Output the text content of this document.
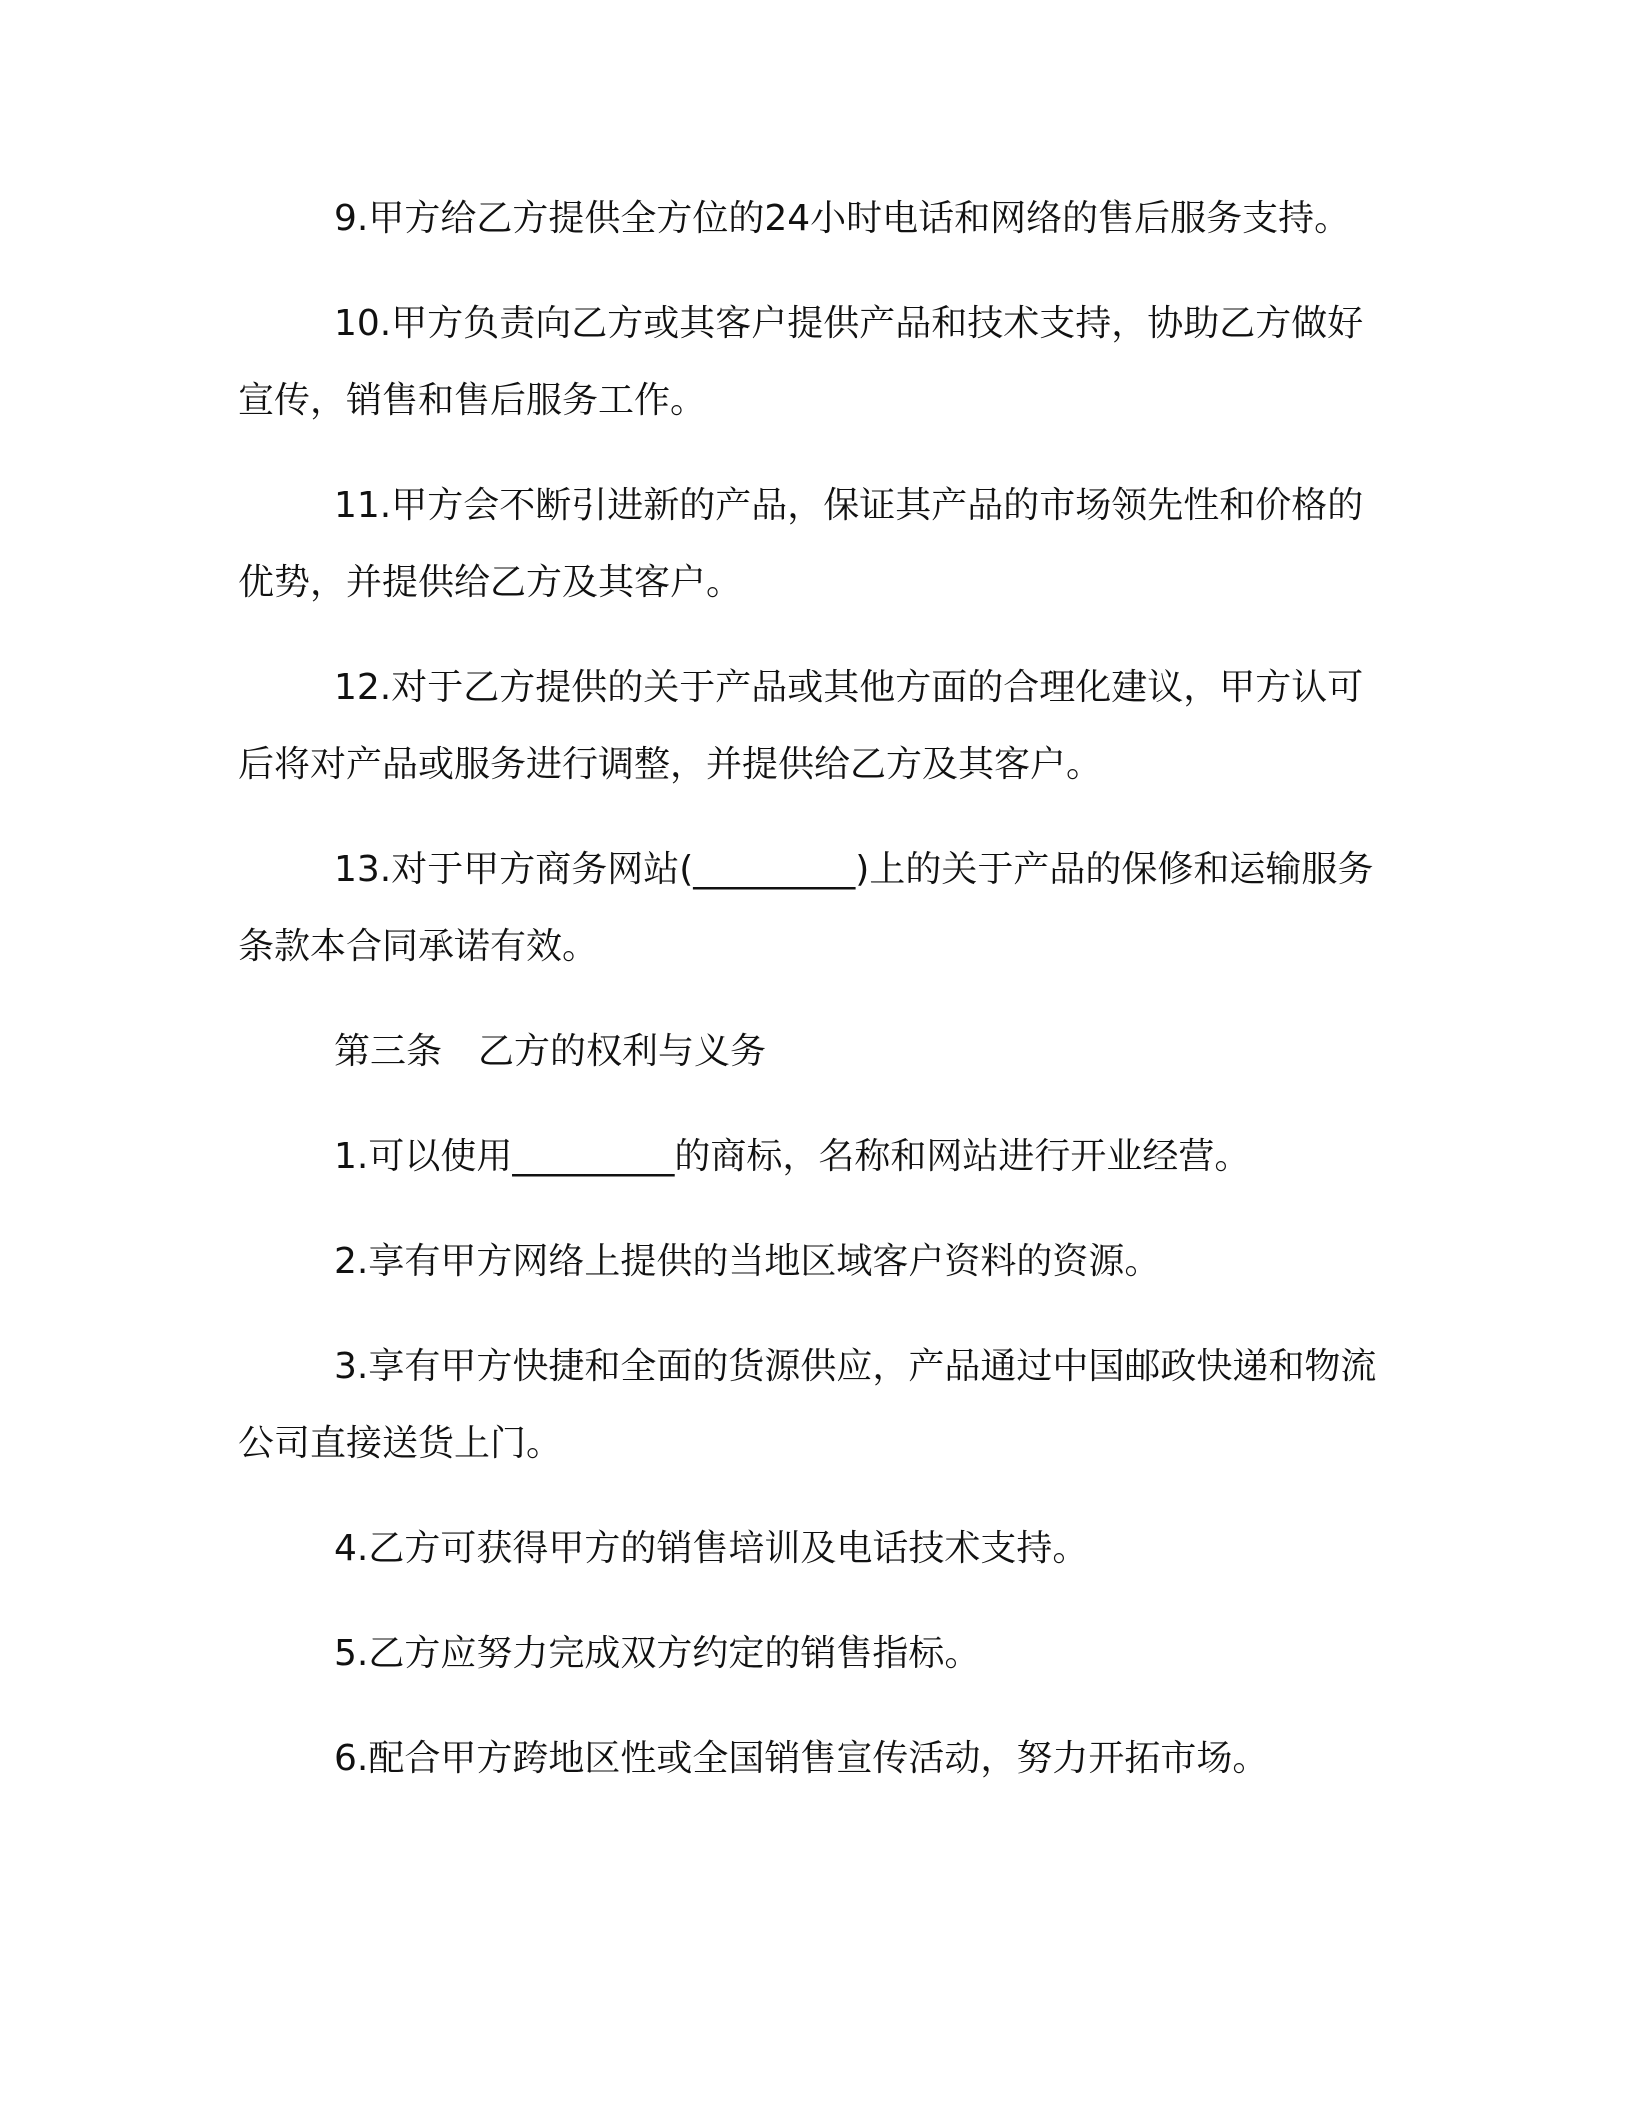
9.甲方给乙方提供全方位的24小时电话和网络的售后服务支持。

10.甲方负责向乙方或其客户提供产品和技术支持，协助乙方做好宣传，销售和售后服务工作。

11.甲方会不断引进新的产品，保证其产品的市场领先性和价格的优势，并提供给乙方及其客户。

12.对于乙方提供的关于产品或其他方面的合理化建议，甲方认可后将对产品或服务进行调整，并提供给乙方及其客户。

13.对于甲方商务网站(_________)上的关于产品的保修和运输服务条款本合同承诺有效。

第三条　乙方的权利与义务

1.可以使用_________的商标，名称和网站进行开业经营。

2.享有甲方网络上提供的当地区域客户资料的资源。

3.享有甲方快捷和全面的货源供应，产品通过中国邮政快递和物流公司直接送货上门。

4.乙方可获得甲方的销售培训及电话技术支持。

5.乙方应努力完成双方约定的销售指标。

6.配合甲方跨地区性或全国销售宣传活动，努力开拓市场。
